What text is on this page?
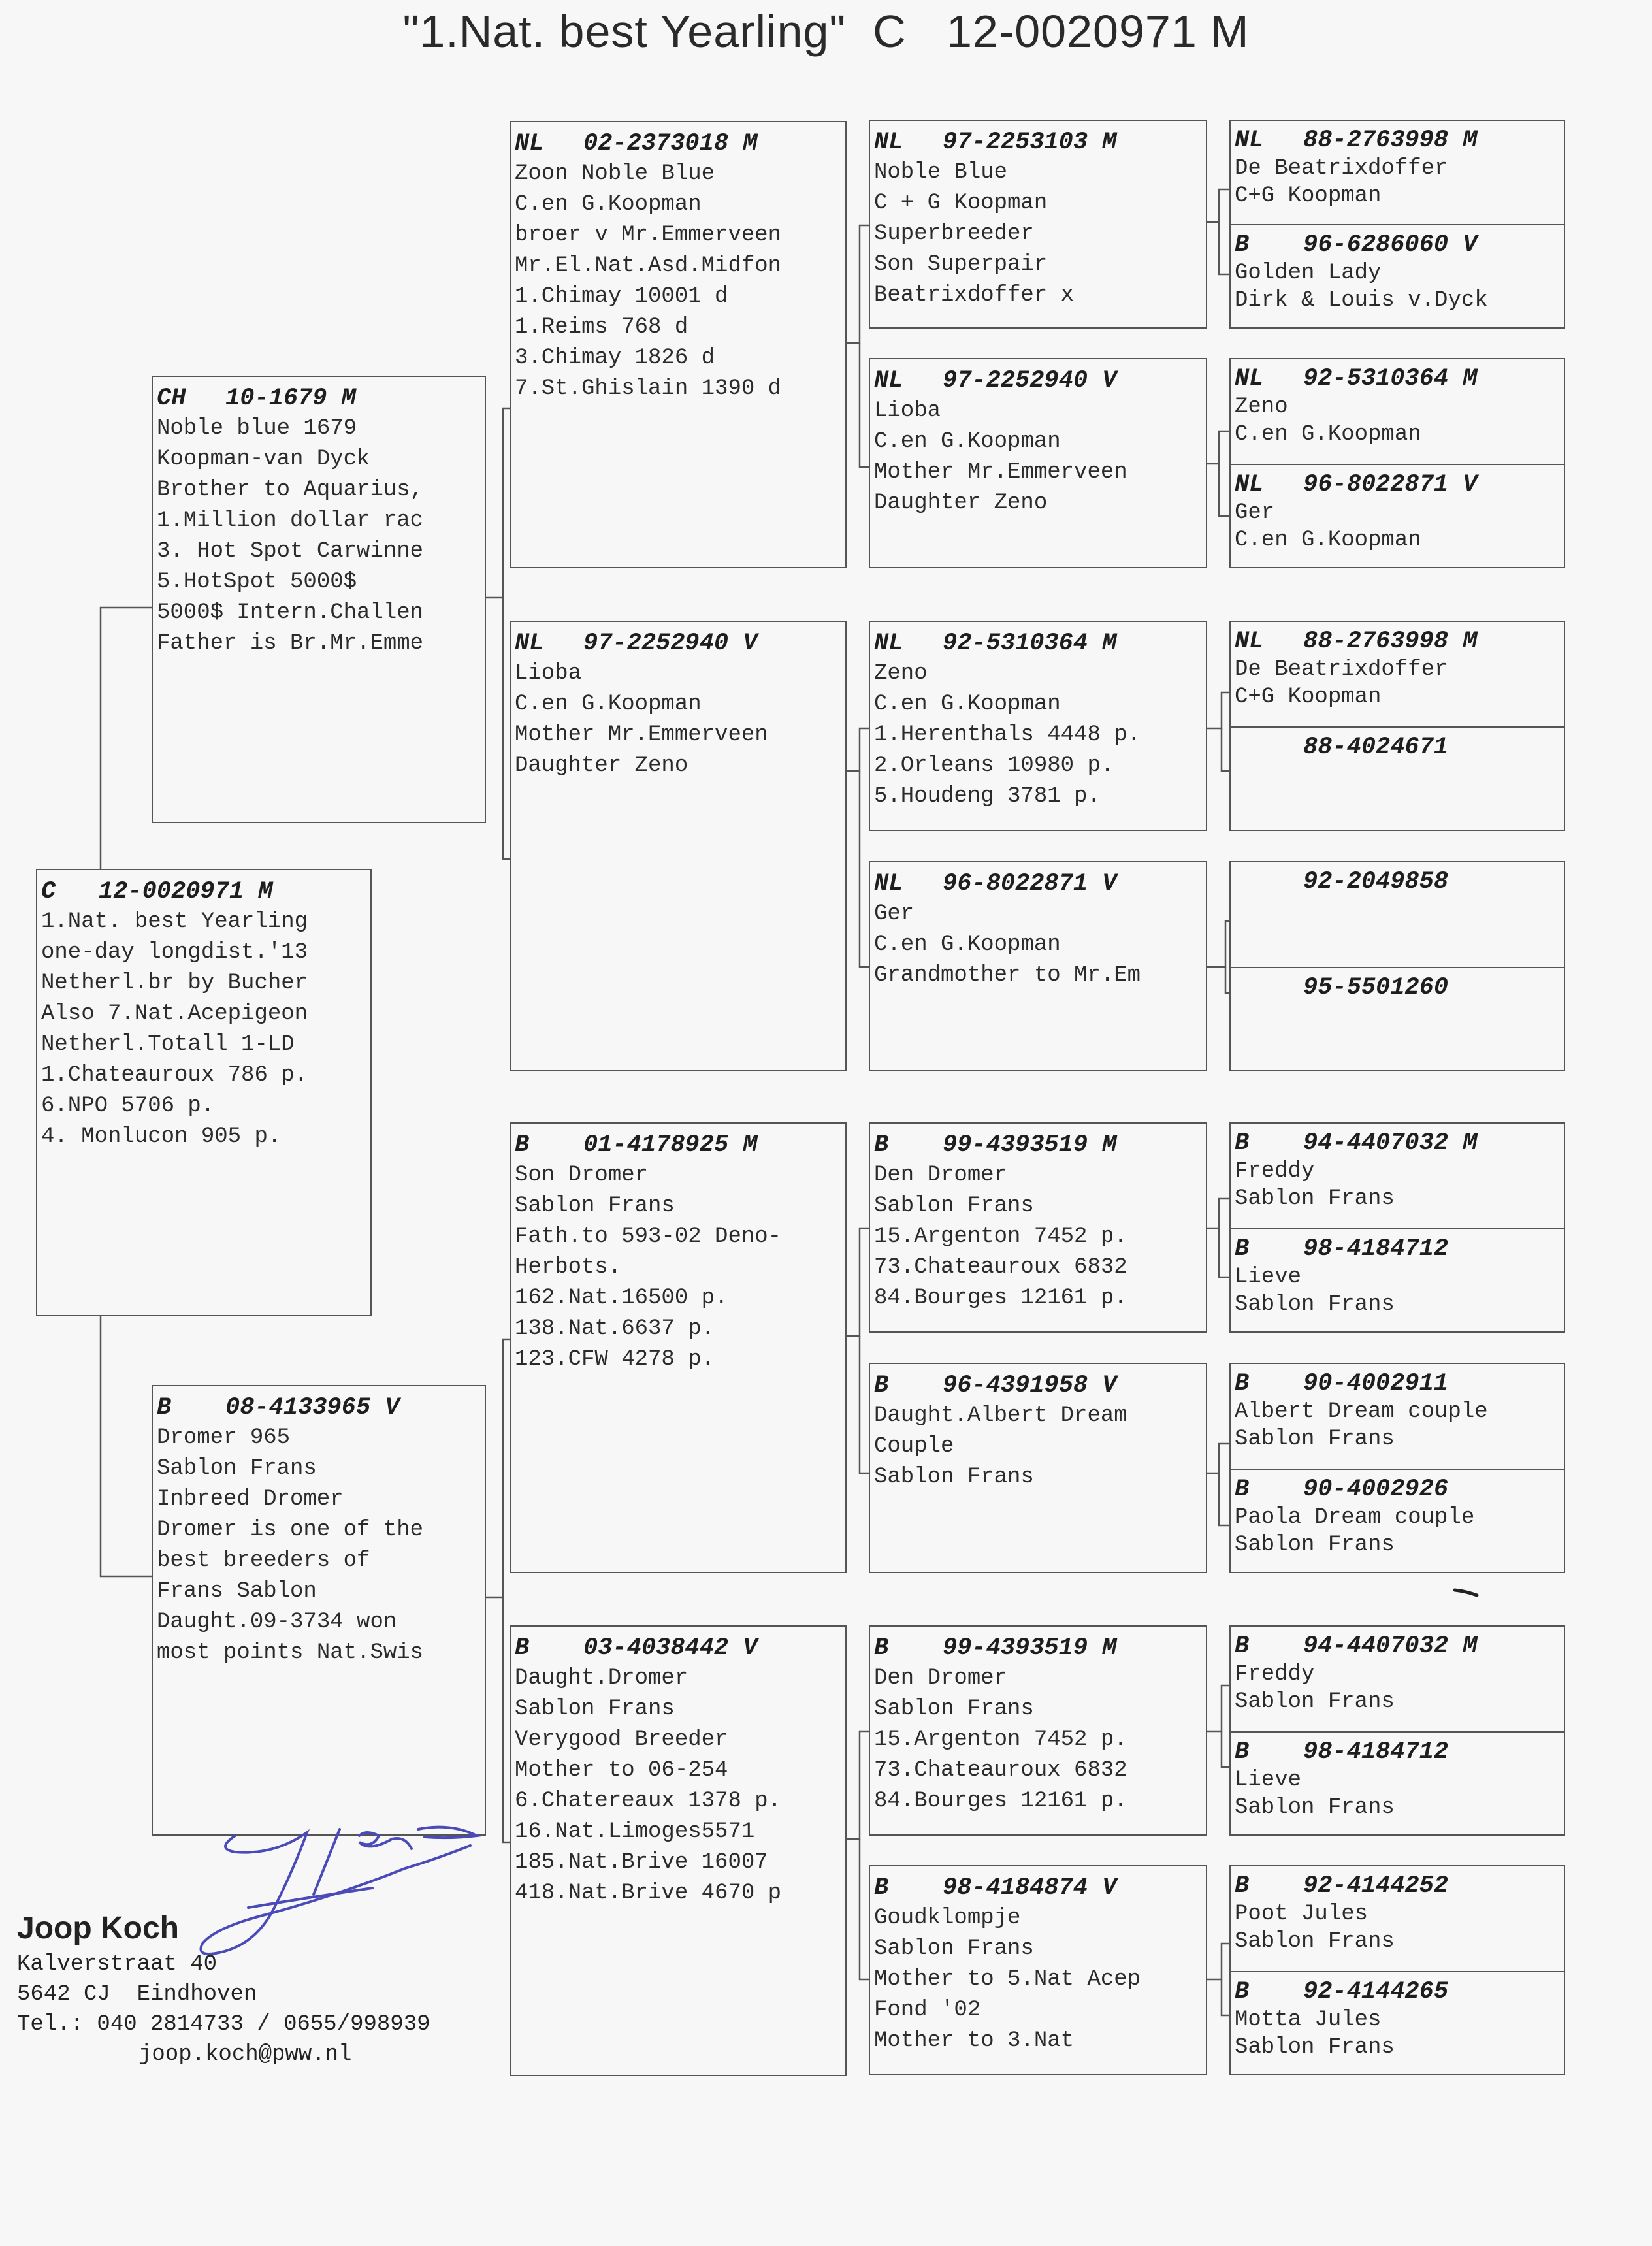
"1.Nat. best Yearling"  C   12-0020971 M
C 12-0020971 M
1.Nat. best Yearling
one-day longdist.'13
Netherl.br by Bucher
Also 7.Nat.Acepigeon
Netherl.Totall 1-LD
1.Chateauroux 786 p.
6.NPO 5706 p.
4. Monlucon 905 p.
CH 10-1679 M
Noble blue 1679
Koopman-van Dyck
Brother to Aquarius,
1.Million dollar rac
3. Hot Spot Carwinne
5.HotSpot 5000$
5000$ Intern.Challen
Father is Br.Mr.Emme
B 08-4133965 V
Dromer 965
Sablon Frans
Inbreed Dromer
Dromer is one of the
best breeders of
Frans Sablon
Daught.09-3734 won
most points Nat.Swis
NL 02-2373018 M
Zoon Noble Blue
C.en G.Koopman
broer v Mr.Emmerveen
Mr.El.Nat.Asd.Midfon
1.Chimay 10001 d
1.Reims 768 d
3.Chimay 1826 d
7.St.Ghislain 1390 d
NL 97-2252940 V
Lioba
C.en G.Koopman
Mother Mr.Emmerveen
Daughter Zeno
B 01-4178925 M
Son Dromer
Sablon Frans
Fath.to 593-02 Deno-
Herbots.
162.Nat.16500 p.
138.Nat.6637 p.
123.CFW 4278 p.
B 03-4038442 V
Daught.Dromer
Sablon Frans
Verygood Breeder
Mother to 06-254
6.Chatereaux 1378 p.
16.Nat.Limoges5571
185.Nat.Brive 16007
418.Nat.Brive 4670 p
NL 97-2253103 M
Noble Blue
C + G Koopman
Superbreeder
Son Superpair
Beatrixdoffer x
NL 97-2252940 V
Lioba
C.en G.Koopman
Mother Mr.Emmerveen
Daughter Zeno
NL 92-5310364 M
Zeno
C.en G.Koopman
1.Herenthals 4448 p.
2.Orleans 10980 p.
5.Houdeng 3781 p.
NL 96-8022871 V
Ger
C.en G.Koopman
Grandmother to Mr.Em
B 99-4393519 M
Den Dromer
Sablon Frans
15.Argenton 7452 p.
73.Chateauroux 6832
84.Bourges 12161 p.
B 96-4391958 V
Daught.Albert Dream
Couple
Sablon Frans
B 99-4393519 M
Den Dromer
Sablon Frans
15.Argenton 7452 p.
73.Chateauroux 6832
84.Bourges 12161 p.
B 98-4184874 V
Goudklompje
Sablon Frans
Mother to 5.Nat Acep
Fond '02
Mother to 3.Nat
NL 88-2763998 M
De Beatrixdoffer
C+G Koopman
B 96-6286060 V
Golden Lady
Dirk & Louis v.Dyck
NL 92-5310364 M
Zeno
C.en G.Koopman
NL 96-8022871 V
Ger
C.en G.Koopman
NL 88-2763998 M
De Beatrixdoffer
C+G Koopman
88-4024671
92-2049858
95-5501260
B 94-4407032 M
Freddy
Sablon Frans
B 98-4184712
Lieve
Sablon Frans
B 90-4002911
Albert Dream couple
Sablon Frans
B 90-4002926
Paola Dream couple
Sablon Frans
B 94-4407032 M
Freddy
Sablon Frans
B 98-4184712
Lieve
Sablon Frans
B 92-4144252
Poot Jules
Sablon Frans
B 92-4144265
Motta Jules
Sablon Frans
Joop Koch
Kalverstraat 40
5642 CJ  Eindhoven
Tel.: 040 2814733 / 0655/998939
joop.koch@pww.nl
